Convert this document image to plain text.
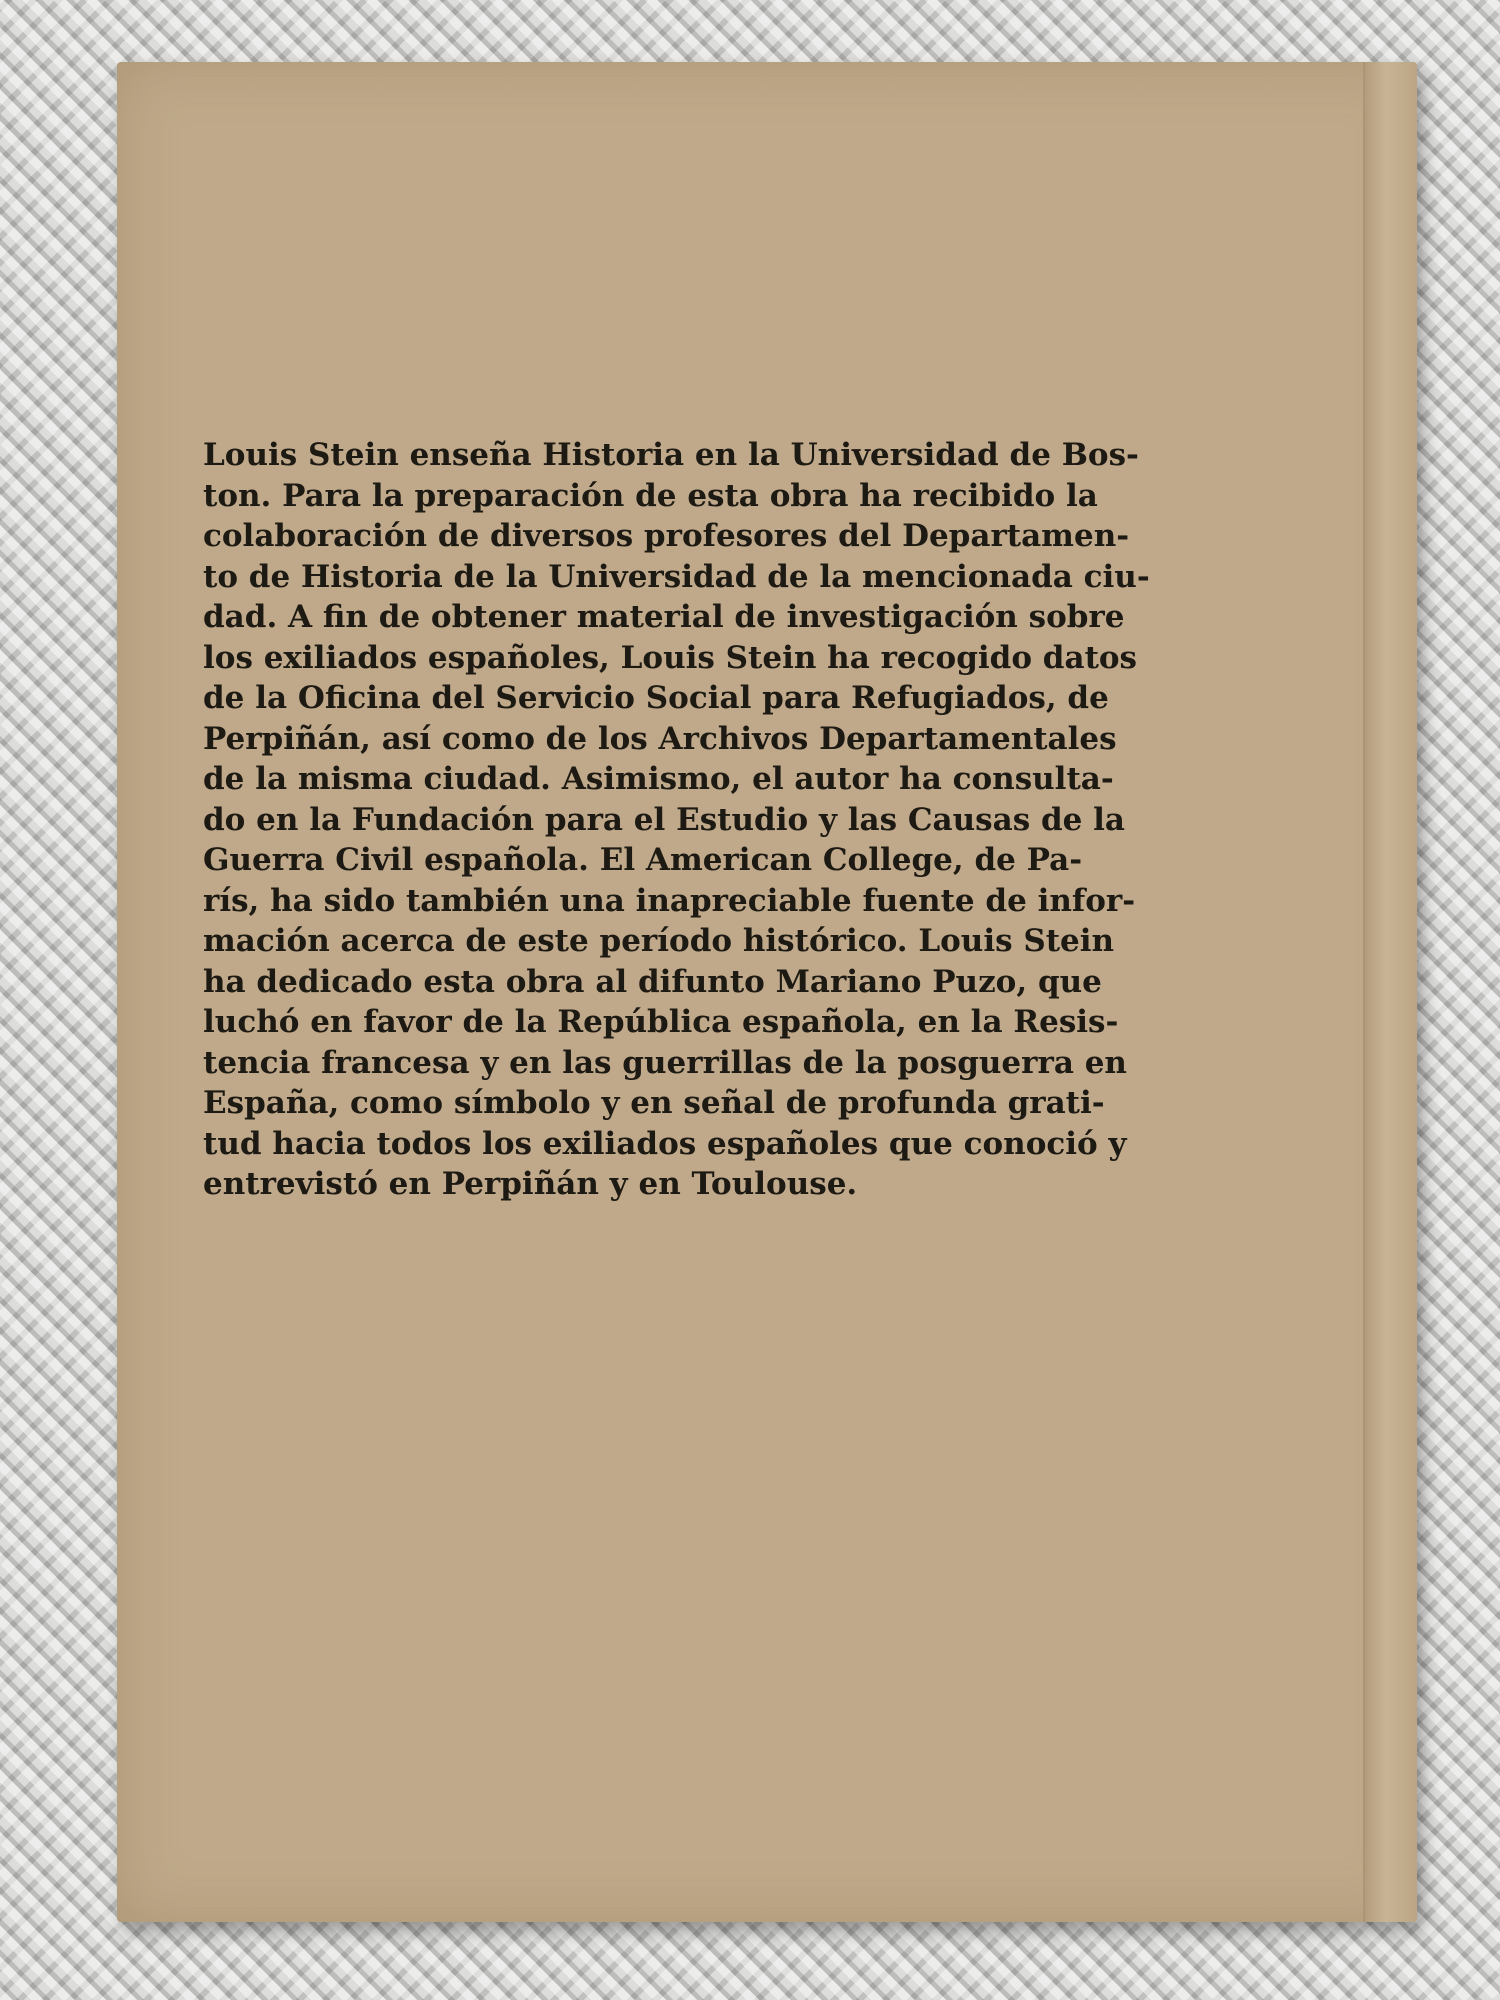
Louis Stein enseña Historia en la Universidad de Bos-
ton. Para la preparación de esta obra ha recibido la
colaboración de diversos profesores del Departamen-
to de Historia de la Universidad de la mencionada ciu-
dad. A fin de obtener material de investigación sobre
los exiliados españoles, Louis Stein ha recogido datos
de la Oficina del Servicio Social para Refugiados, de
Perpiñán, así como de los Archivos Departamentales
de la misma ciudad. Asimismo, el autor ha consulta-
do en la Fundación para el Estudio y las Causas de la
Guerra Civil española. El American College, de Pa-
rís, ha sido también una inapreciable fuente de infor-
mación acerca de este período histórico. Louis Stein
ha dedicado esta obra al difunto Mariano Puzo, que
luchó en favor de la República española, en la Resis-
tencia francesa y en las guerrillas de la posguerra en
España, como símbolo y en señal de profunda grati-
tud hacia todos los exiliados españoles que conoció y
entrevistó en Perpiñán y en Toulouse.
